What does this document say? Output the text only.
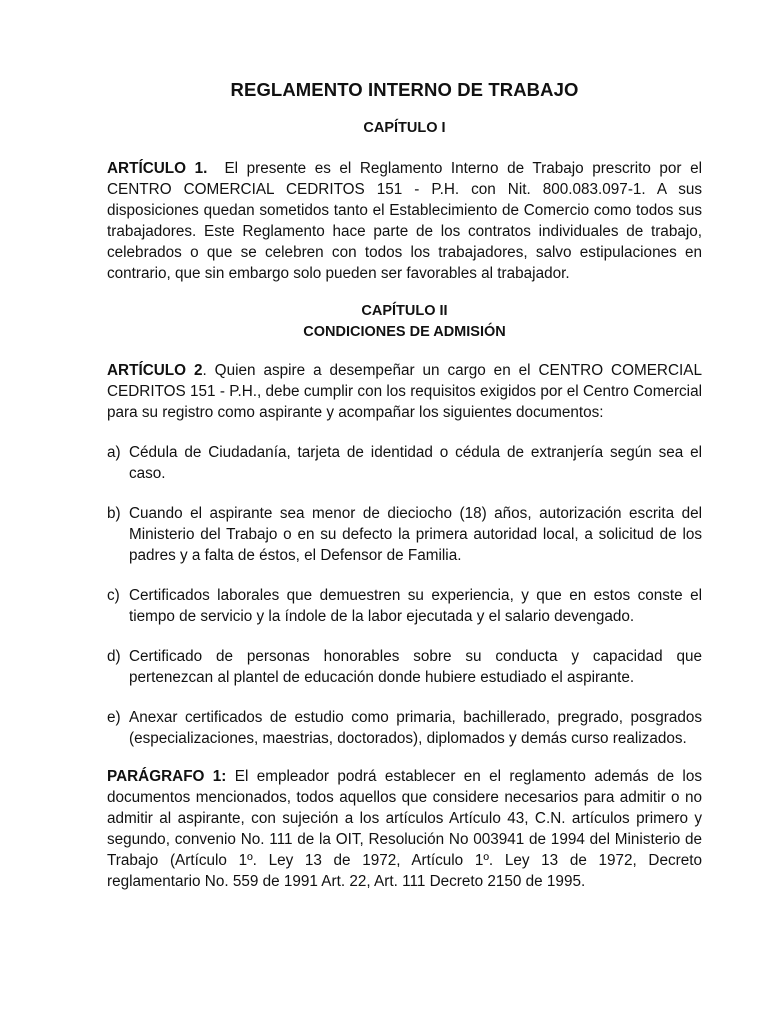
REGLAMENTO INTERNO DE TRABAJO
CAPÍTULO I

ARTÍCULO 1. El presente es el Reglamento Interno de Trabajo prescrito por el CENTRO COMERCIAL CEDRITOS 151 - P.H. con Nit. 800.083.097-1. A sus disposiciones quedan sometidos tanto el Establecimiento de Comercio como todos sus trabajadores. Este Reglamento hace parte de los contratos individuales de trabajo, celebrados o que se celebren con todos los trabajadores, salvo estipulaciones en contrario, que sin embargo solo pueden ser favorables al trabajador.

CAPÍTULO II
CONDICIONES DE ADMISIÓN

ARTÍCULO 2. Quien aspire a desempeñar un cargo en el CENTRO COMERCIAL CEDRITOS 151 - P.H., debe cumplir con los requisitos exigidos por el Centro Comercial para su registro como aspirante y acompañar los siguientes documentos:

a) Cédula de Ciudadanía, tarjeta de identidad o cédula de extranjería según sea el caso.
b) Cuando el aspirante sea menor de dieciocho (18) años, autorización escrita del Ministerio del Trabajo o en su defecto la primera autoridad local, a solicitud de los padres y a falta de éstos, el Defensor de Familia.
c) Certificados laborales que demuestren su experiencia, y que en estos conste el tiempo de servicio y la índole de la labor ejecutada y el salario devengado.
d) Certificado de personas honorables sobre su conducta y capacidad que pertenezcan al plantel de educación donde hubiere estudiado el aspirante.
e) Anexar certificados de estudio como primaria, bachillerado, pregrado, posgrados (especializaciones, maestrias, doctorados), diplomados y demás curso realizados.

PARÁGRAFO 1: El empleador podrá establecer en el reglamento además de los documentos mencionados, todos aquellos que considere necesarios para admitir o no admitir al aspirante, con sujeción a los artículos Artículo 43, C.N. artículos primero y segundo, convenio No. 111 de la OIT, Resolución No 003941 de 1994 del Ministerio de Trabajo (Artículo 1º. Ley 13 de 1972, Artículo 1º. Ley 13 de 1972, Decreto reglamentario No. 559 de 1991 Art. 22, Art. 111 Decreto 2150 de 1995.
